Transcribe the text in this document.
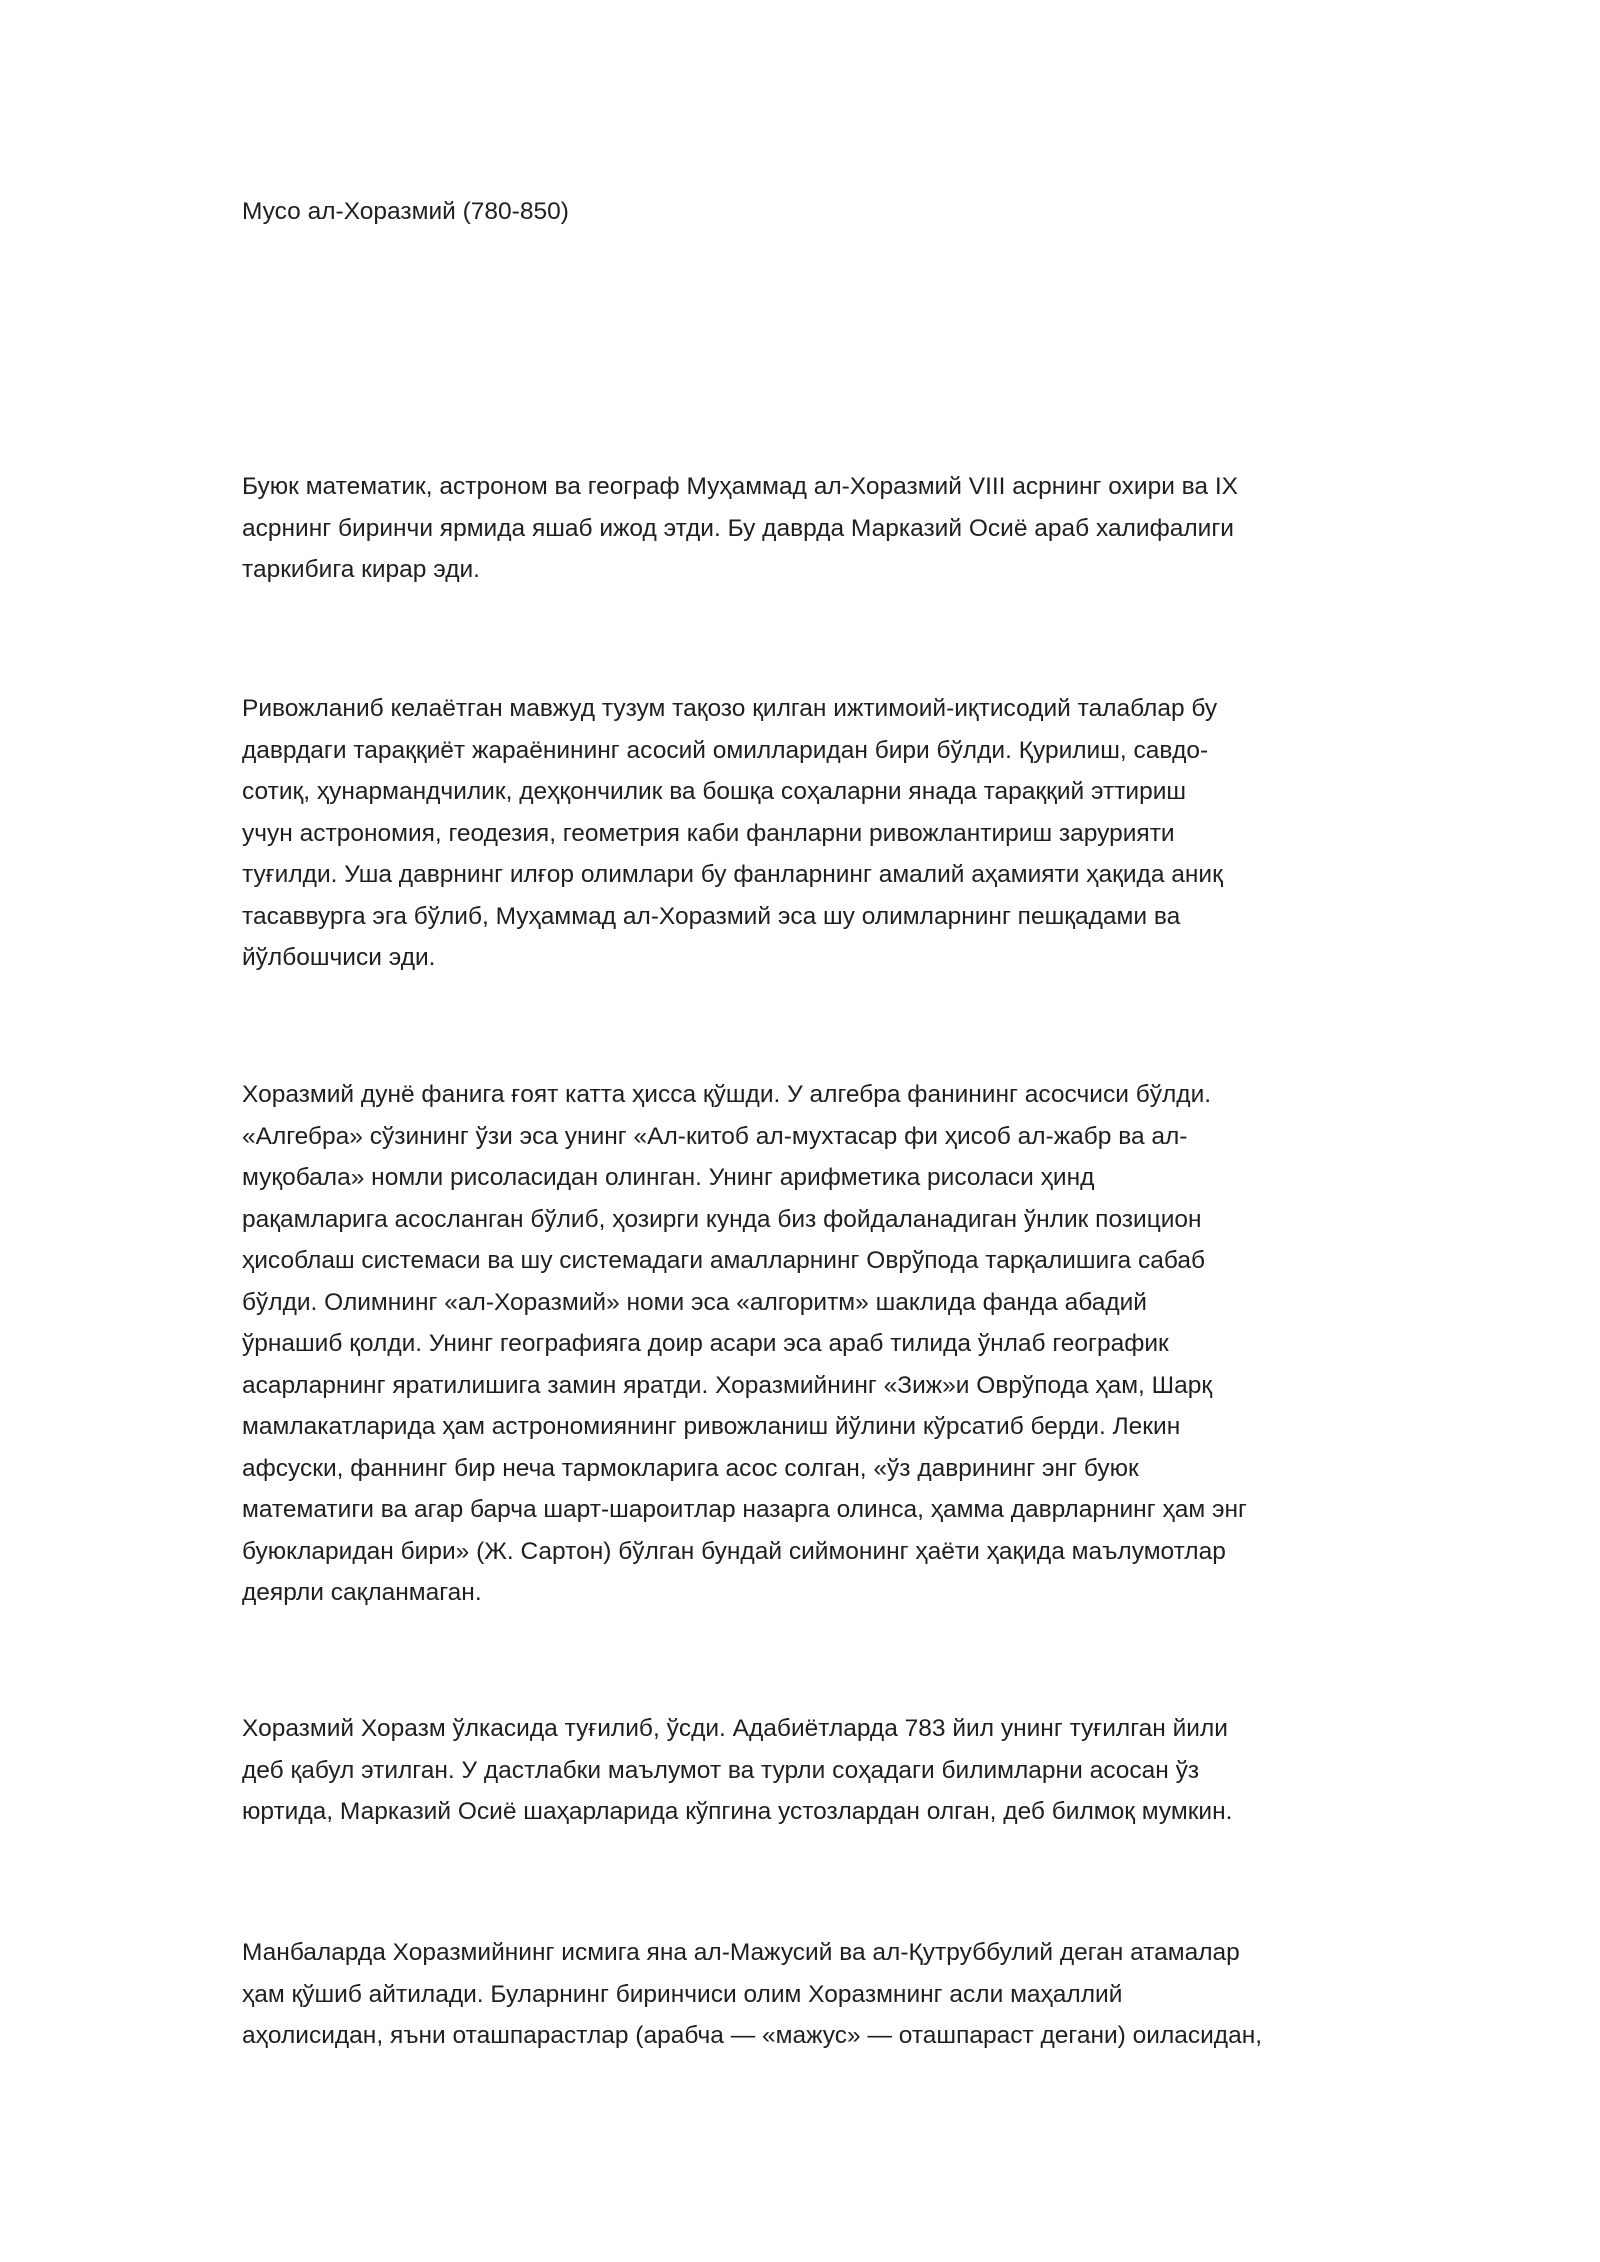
Мусо ал-Хоразмий (780-850)

Буюк математик, астроном ва географ Муҳаммад ал-Хоразмий VIII асрнинг охири ва IX
асрнинг биринчи ярмида яшаб ижод этди. Бу даврда Марказий Осиё араб халифалиги
таркибига кирар эди.

Ривожланиб келаётган мавжуд тузум тақозо қилган ижтимоий-иқтисодий талаблар бу
даврдаги тараққиёт жараёнининг асосий омилларидан бири бўлди. Қурилиш, савдо-
сотиқ, ҳунармандчилик, деҳқончилик ва бошқа соҳаларни янада тараққий эттириш
учун астрономия, геодезия, геометрия каби фанларни ривожлантириш зарурияти
туғилди. Уша даврнинг илғор олимлари бу фанларнинг амалий аҳамияти ҳақида аниқ
тасаввурга эга бўлиб, Муҳаммад ал-Хоразмий эса шу олимларнинг пешқадами ва
йўлбошчиси эди.

Хоразмий дунё фанига ғоят катта ҳисса қўшди. У алгебра фанининг асосчиси бўлди.
«Алгебра» сўзининг ўзи эса унинг «Ал-китоб ал-мухтасар фи ҳисоб ал-жабр ва ал-
муқобала» номли рисоласидан олинган. Унинг арифметика рисоласи ҳинд
рақамларига асосланган бўлиб, ҳозирги кунда биз фойдаланадиган ўнлик позицион
ҳисоблаш системаси ва шу системадаги амалларнинг Оврўпода тарқалишига сабаб
бўлди. Олимнинг «ал-Хоразмий» номи эса «алгоритм» шаклида фанда абадий
ўрнашиб қолди. Унинг географияга доир асари эса араб тилида ўнлаб географик
асарларнинг яратилишига замин яратди. Хоразмийнинг «Зиж»и Оврўпода ҳам, Шарқ
мамлакатларида ҳам астрономиянинг ривожланиш йўлини кўрсатиб берди. Лекин
афсуски, фаннинг бир неча тармокларига асос солган, «ўз даврининг энг буюк
математиги ва агар барча шарт-шароитлар назарга олинса, ҳамма даврларнинг ҳам энг
буюкларидан бири» (Ж. Сартон) бўлган бундай сиймонинг ҳаёти ҳақида маълумотлар
деярли сақланмаган.

Хоразмий Хоразм ўлкасида туғилиб, ўсди. Адабиётларда 783 йил унинг туғилган йили
деб қабул этилган. У дастлабки маълумот ва турли соҳадаги билимларни асосан ўз
юртида, Марказий Осиё шаҳарларида кўпгина устозлардан олган, деб билмоқ мумкин.

Манбаларда Хоразмийнинг исмига яна ал-Мажусий ва ал-Қутруббулий деган атамалар
ҳам қўшиб айтилади. Буларнинг биринчиси олим Хоразмнинг асли маҳаллий
аҳолисидан, яъни оташпарастлар (арабча — «мажус» — оташпараст дегани) оиласидан,
